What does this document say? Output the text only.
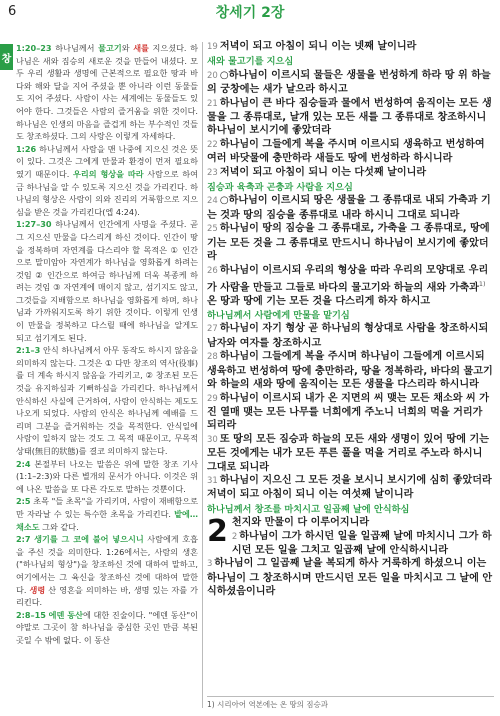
6	창세기 2장
창

1:20–23 하나님께서 물고기와 새를 지으셨다. 하나님은 새와 짐승의 새로운 것을 만들어 내셨다. 모두 우리 생활과 생명에 근본적으로 필요한 땅과 바다와 해와 달을 지어 주셨을 뿐 아니라 이런 동물들도 지어 주셨다. 사람이 사는 세계에는 동물들도 있어야 한다. 그것들은 사람의 즐거움을 위한 것이다. 하나님은 인생의 마음을 즐겁게 하는 부수적인 것들도 창조하셨다. 그의 사랑은 이렇게 자세하다.

1:26 하나님께서 사람을 맨 나중에 지으신 것은 뜻이 있다. 그것은 그에게 만물과 환경이 먼저 필요하였기 때문이다. 우리의 형상을 따라 사람으로 하여금 하나님을 알 수 있도록 지으신 것을 가리킨다. 하나님의 형상은 사람이 의와 진리의 거룩함으로 지으심을 받은 것을 가리킨다(엡 4:24).

1:27–30 하나님께서 인간에게 사명을 주셨다. 곧 그 지으신 만물을 다스리게 하신 것이다. 인간이 땅을 정복하며 자연계를 다스리야 할 목적은 ① 인간으로 말미암아 자연계가 하나님을 영화롭게 하려는 것임 ② 인간으로 하여금 하나님께 더욱 복종케 하려는 것임 ③ 자연계에 매이지 않고, 섬기지도 않고, 그것들을 지배함으로 하나님을 영화롭게 하며, 하나님과 가까워지도록 하기 위한 것이다. 이렇게 인생이 만물을 정복하고 다스릴 때에 하나님을 알게도 되고 섬기게도 된다.

2:1–3 안식 하나님께서 아무 동작도 하시지 않음을 의미하지 않는다. 그것은 ① 다만 창조의 역사(役事)를 더 계속 하시지 않음을 가리키고, ② 창조된 모든 것을 유지하심과 기뻐하심을 가리킨다. 하나님께서 안식하신 사실에 근거하여, 사람이 안식하는 제도도 나오게 되었다. 사람의 안식은 하나님께 예배를 드리며 그분을 즐거워하는 것을 목적한다. 안식일에 사람이 일하지 않는 것도 그 목적 때문이고, 무목적 상태(無目的狀態)를 결코 의미하지 않는다.

2:4 본절부터 나오는 말씀은 위에 말한 창조 기사(1:1–2:3)와 다른 별개의 문서가 아니다. 이것은 위에 나온 말씀을 또 다른 각도로 말하는 것뿐이다.

2:5 초목 "들 초목"을 가리키며, 사람이 재배함으로만 자라날 수 있는 특수한 초목을 가리킨다. 밭에…채소도 그와 같다.

2:7 생기를 그 코에 불어 넣으시니 사람에게 호흡을 주신 것을 의미한다. 1:26에서는, 사람의 생혼("하나님의 형상")을 창조하신 것에 대하여 말하고, 여기에서는 그 육신을 창조하신 것에 대하여 말한다. 생령 산 영혼을 의미하는 바, 생명 있는 자를 가리킨다.

2:8–15 에덴 동산에 대한 진술이다. "에덴 동산"이야말로 그곳이 참 하나님을 중심한 곳인 만큼 복된 곳일 수 밖에 없다. 이 동산

19 저녁이 되고 아침이 되니 이는 넷째 날이니라

새와 물고기를 지으심

20 ○하나님이 이르시되 물들은 생물을 번성하게 하라 땅 위 하늘의 궁창에는 새가 날으라 하시고

21 하나님이 큰 바다 짐승들과 물에서 번성하여 움직이는 모든 생물을 그 종류대로, 날개 있는 모든 새를 그 종류대로 창조하시니 하나님이 보시기에 좋았더라

22 하나님이 그들에게 복을 주시며 이르시되 생육하고 번성하여 여러 바닷물에 충만하라 새들도 땅에 번성하라 하시니라

23 저녁이 되고 아침이 되니 이는 다섯째 날이니라

짐승과 육축과 곤충과 사람을 지으심

24 ○하나님이 이르시되 땅은 생물을 그 종류대로 내되 가축과 기는 것과 땅의 짐승을 종류대로 내라 하시니 그대로 되니라

25 하나님이 땅의 짐승을 그 종류대로, 가축을 그 종류대로, 땅에 기는 모든 것을 그 종류대로 만드시니 하나님이 보시기에 좋았더라

26 하나님이 이르시되 우리의 형상을 따라 우리의 모양대로 우리가 사람을 만들고 그들로 바다의 물고기와 하늘의 새와 가축과$^{1)}$온 땅과 땅에 기는 모든 것을 다스리게 하자 하시고

하나님께서 사람에게 만물을 맡기심

27 하나님이 자기 형상 곧 하나님의 형상대로 사람을 창조하시되 남자와 여자를 창조하시고

28 하나님이 그들에게 복을 주시며 하나님이 그들에게 이르시되 생육하고 번성하여 땅에 충만하라, 땅을 정복하라, 바다의 물고기와 하늘의 새와 땅에 움직이는 모든 생물을 다스리라 하시니라

29 하나님이 이르시되 내가 온 지면의 씨 맺는 모든 채소와 씨 가진 열매 맺는 모든 나무를 너희에게 주노니 너희의 먹을 거리가 되리라

30 또 땅의 모든 짐승과 하늘의 모든 새와 생명이 있어 땅에 기는 모든 것에게는 내가 모든 푸른 풀을 먹을 거리로 주노라 하시니 그대로 되니라

31 하나님이 지으신 그 모든 것을 보시니 보시기에 심히 좋았더라 저녁이 되고 아침이 되니 이는 여섯째 날이니라

하나님께서 창조를 마치시고 일곱째 날에 안식하심

2 천지와 만물이 다 이루어지니라

2 하나님이 그가 하시던 일을 일곱째 날에 마치시니 그가 하시던 모든 일을 그치고 일곱째 날에 안식하시니라

3 하나님이 그 일곱째 날을 복되게 하사 거룩하게 하셨으니 이는 하나님이 그 창조하시며 만드시던 모든 일을 마치시고 그 날에 안식하셨음이니라

1) 시리아어 역본에는 온 땅의 짐승과
